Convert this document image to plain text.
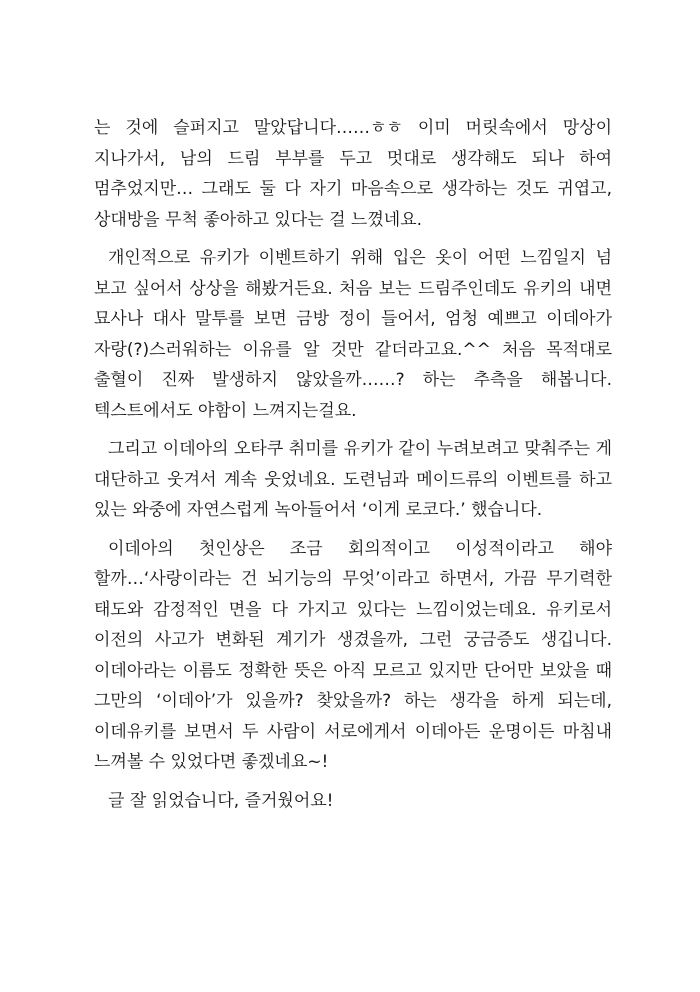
는 것에 슬퍼지고 말았답니다……ㅎㅎ 이미 머릿속에서 망상이 지나가서, 남의 드림 부부를 두고 멋대로 생각해도 되나 하여 멈추었지만… 그래도 둘 다 자기 마음속으로 생각하는 것도 귀엽고, 상대방을 무척 좋아하고 있다는 걸 느꼈네요.

개인적으로 유키가 이벤트하기 위해 입은 옷이 어떤 느낌일지 넘 보고 싶어서 상상을 해봤거든요. 처음 보는 드림주인데도 유키의 내면 묘사나 대사 말투를 보면 금방 정이 들어서, 엄청 예쁘고 이데아가 자랑(?)스러워하는 이유를 알 것만 같더라고요.^^ 처음 목적대로 출혈이 진짜 발생하지 않았을까……? 하는 추측을 해봅니다. 텍스트에서도 야함이 느껴지는걸요.

그리고 이데아의 오타쿠 취미를 유키가 같이 누려보려고 맞춰주는 게 대단하고 웃겨서 계속 웃었네요. 도련님과 메이드류의 이벤트를 하고 있는 와중에 자연스럽게 녹아들어서 ‘이게 로코다.’ 했습니다.

이데아의 첫인상은 조금 회의적이고 이성적이라고 해야 할까…‘사랑이라는 건 뇌기능의 무엇’이라고 하면서, 가끔 무기력한 태도와 감정적인 면을 다 가지고 있다는 느낌이었는데요. 유키로서 이전의 사고가 변화된 계기가 생겼을까, 그런 궁금증도 생깁니다. 이데아라는 이름도 정확한 뜻은 아직 모르고 있지만 단어만 보았을 때 그만의 ‘이데아’가 있을까? 찾았을까? 하는 생각을 하게 되는데, 이데유키를 보면서 두 사람이 서로에게서 이데아든 운명이든 마침내 느껴볼 수 있었다면 좋겠네요~!

글 잘 읽었습니다, 즐거웠어요!
